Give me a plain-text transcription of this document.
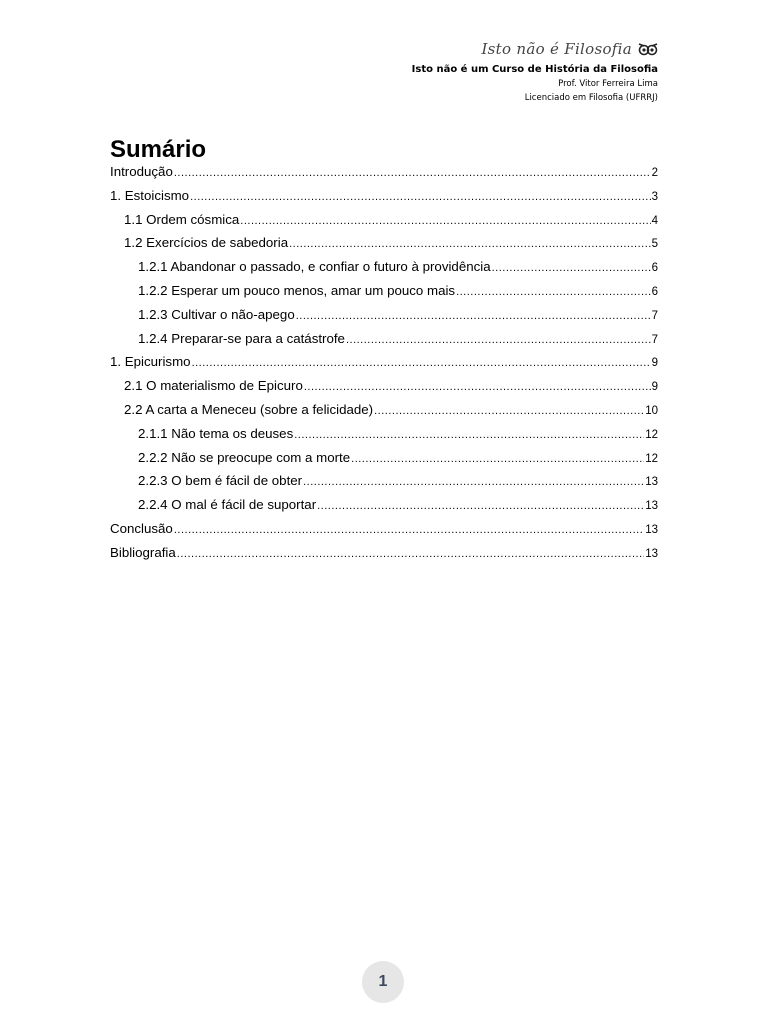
Isto não é Filosofia
Isto não é um Curso de História da Filosofia
Prof. Vitor Ferreira Lima
Licenciado em Filosofia (UFRRJ)
Sumário
Introdução .....	2
1. Estoicismo .....	3
1.1 Ordem cósmica .....	4
1.2 Exercícios de sabedoria .....	5
1.2.1 Abandonar o passado, e confiar o futuro à providência .....	6
1.2.2 Esperar um pouco menos, amar um pouco mais .....	6
1.2.3 Cultivar o não-apego .....	7
1.2.4 Preparar-se para a catástrofe .....	7
1. Epicurismo .....	9
2.1 O materialismo de Epicuro .....	9
2.2 A carta a Meneceu (sobre a felicidade) .....	10
2.1.1 Não tema os deuses .....	12
2.2.2 Não se preocupe com a morte .....	12
2.2.3 O bem é fácil de obter .....	13
2.2.4 O mal é fácil de suportar .....	13
Conclusão .....	13
Bibliografia .....	13
1
